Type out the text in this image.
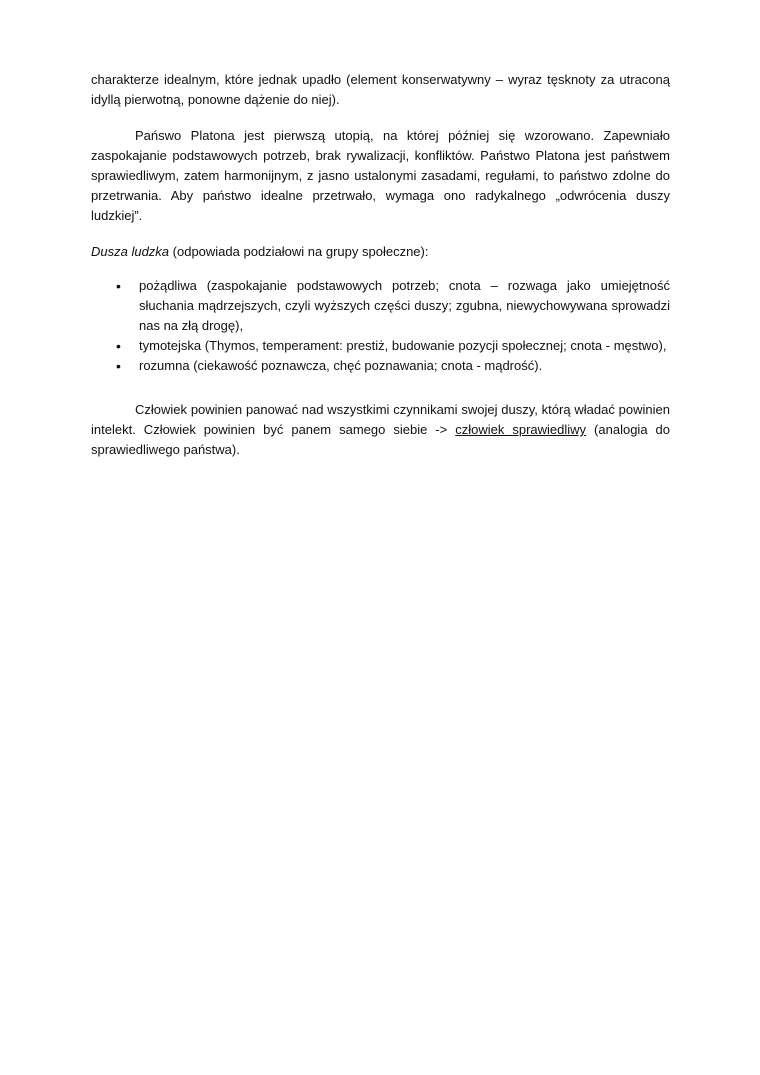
charakterze idealnym, które jednak upadło (element konserwatywny – wyraz tęsknoty za utraconą idyllą pierwotną, ponowne dążenie do niej).

Pańswo Platona jest pierwszą utopią, na której później się wzorowano. Zapewniało zaspokajanie podstawowych potrzeb, brak rywalizacji, konfliktów. Państwo Platona jest państwem sprawiedliwym, zatem harmonijnym, z jasno ustalonymi zasadami, regułami, to państwo zdolne do przetrwania. Aby państwo idealne przetrwało, wymaga ono radykalnego „odwrócenia duszy ludzkiej”.

Dusza ludzka (odpowiada podziałowi na grupy społeczne):

• pożądliwa (zaspokajanie podstawowych potrzeb; cnota – rozwaga jako umiejętność słuchania mądrzejszych, czyli wyższych części duszy; zgubna, niewychowywana sprowadzi nas na złą drogę),
• tymotejska (Thymos, temperament: prestiż, budowanie pozycji społecznej; cnota - męstwo),
• rozumna (ciekawość poznawcza, chęć poznawania; cnota - mądrość).

Człowiek powinien panować nad wszystkimi czynnikami swojej duszy, którą władać powinien intelekt. Człowiek powinien być panem samego siebie -> człowiek sprawiedliwy (analogia do sprawiedliwego państwa).
